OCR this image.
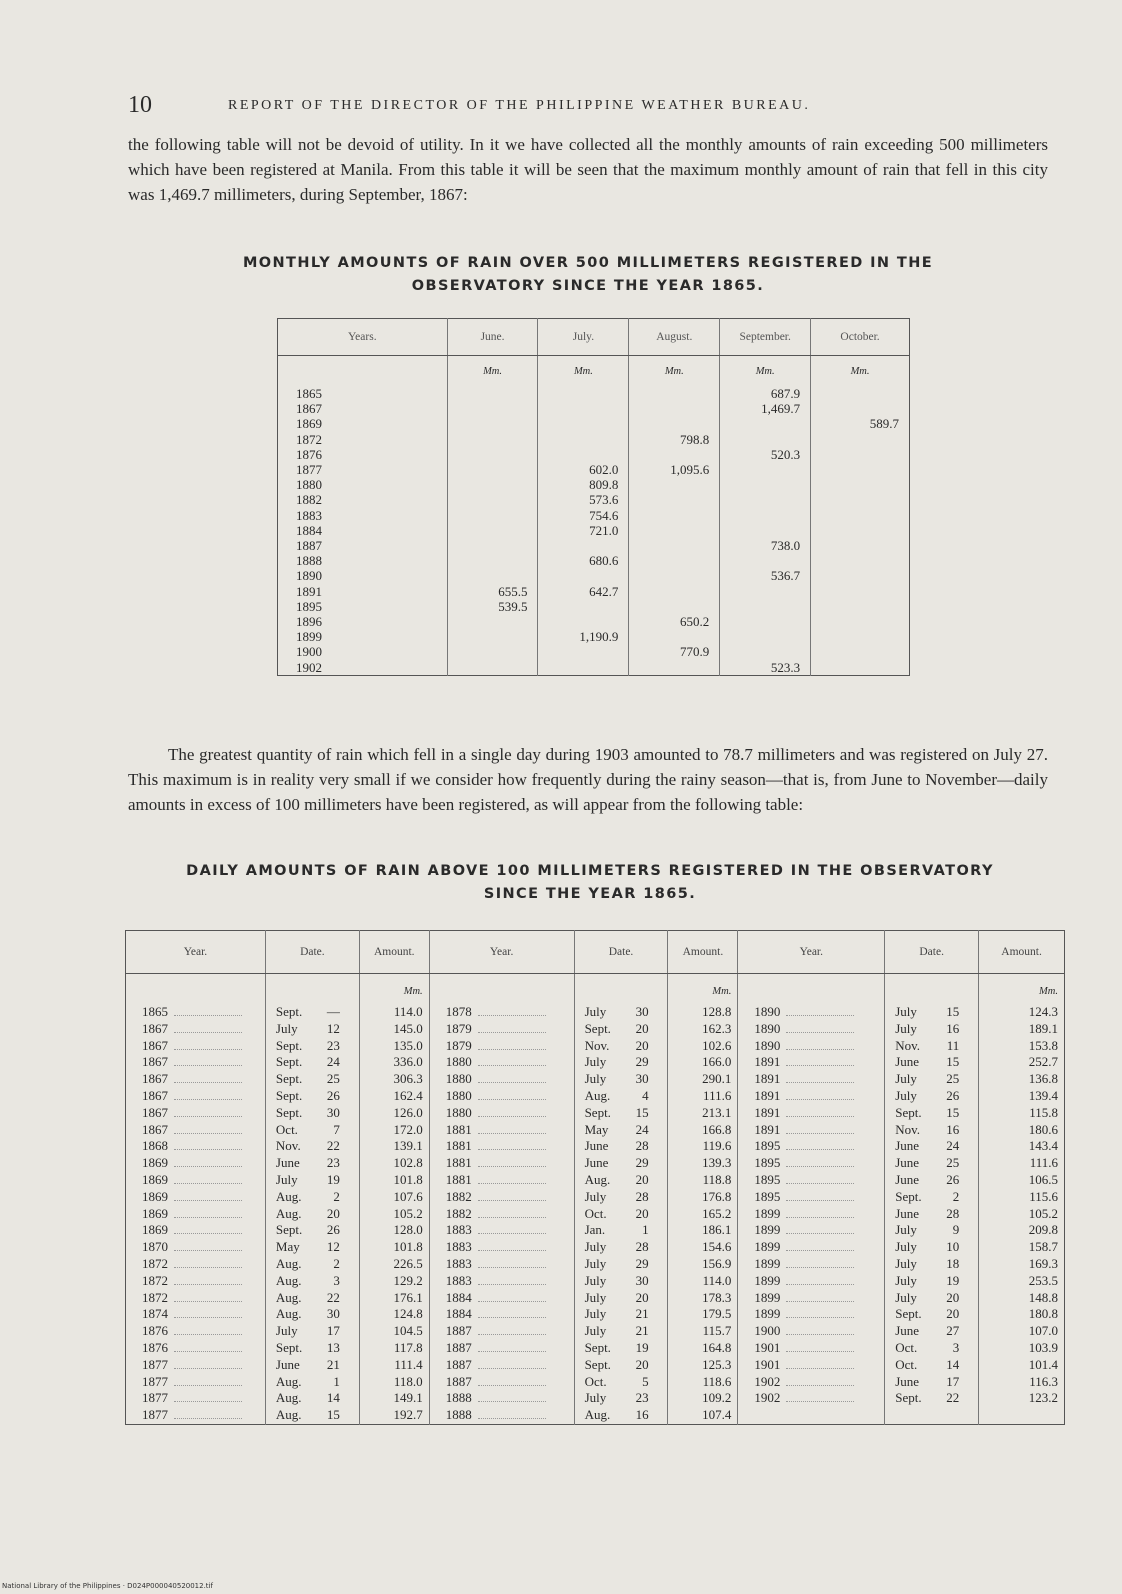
10	REPORT OF THE DIRECTOR OF THE PHILIPPINE WEATHER BUREAU.

the following table will not be devoid of utility. In it we have collected all the monthly amounts of rain exceeding 500 millimeters which have been registered at Manila. From this table it will be seen that the maximum monthly amount of rain that fell in this city was 1,469.7 millimeters, during September, 1867:

MONTHLY AMOUNTS OF RAIN OVER 500 MILLIMETERS REGISTERED IN THE
OBSERVATORY SINCE THE YEAR 1865.
Years.	June.	July.	August.	September.	October.
	Mm.	Mm.	Mm.	Mm.	Mm.
1865				687.9	
1867				1,469.7	
1869					589.7
1872			798.8		
1876				520.3	
1877		602.0	1,095.6		
1880		809.8			
1882		573.6			
1883		754.6			
1884		721.0			
1887				738.0	
1888		680.6			
1890				536.7	
1891	655.5	642.7			
1895	539.5				
1896			650.2		
1899		1,190.9			
1900			770.9		
1902				523.3	

The greatest quantity of rain which fell in a single day during 1903 amounted to 78.7 millimeters and was registered on July 27. This maximum is in reality very small if we consider how frequently during the rainy season—that is, from June to November—daily amounts in excess of 100 millimeters have been registered, as will appear from the following table:

DAILY AMOUNTS OF RAIN ABOVE 100 MILLIMETERS REGISTERED IN THE OBSERVATORY
SINCE THE YEAR 1865.
Year.	Date.	Amount.	Year.	Date.	Amount.	Year.	Date.	Amount.
		Mm.			Mm.			Mm.
1865	Sept. —	114.0	1878	July 30	128.8	1890	July 15	124.3
1867	July 12	145.0	1879	Sept. 20	162.3	1890	July 16	189.1
1867	Sept. 23	135.0	1879	Nov. 20	102.6	1890	Nov. 11	153.8
1867	Sept. 24	336.0	1880	July 29	166.0	1891	June 15	252.7
1867	Sept. 25	306.3	1880	July 30	290.1	1891	July 25	136.8
1867	Sept. 26	162.4	1880	Aug. 4	111.6	1891	July 26	139.4
1867	Sept. 30	126.0	1880	Sept. 15	213.1	1891	Sept. 15	115.8
1867	Oct. 7	172.0	1881	May 24	166.8	1891	Nov. 16	180.6
1868	Nov. 22	139.1	1881	June 28	119.6	1895	June 24	143.4
1869	June 23	102.8	1881	June 29	139.3	1895	June 25	111.6
1869	July 19	101.8	1881	Aug. 20	118.8	1895	June 26	106.5
1869	Aug. 2	107.6	1882	July 28	176.8	1895	Sept. 2	115.6
1869	Aug. 20	105.2	1882	Oct. 20	165.2	1899	June 28	105.2
1869	Sept. 26	128.0	1883	Jan. 1	186.1	1899	July 9	209.8
1870	May 12	101.8	1883	July 28	154.6	1899	July 10	158.7
1872	Aug. 2	226.5	1883	July 29	156.9	1899	July 18	169.3
1872	Aug. 3	129.2	1883	July 30	114.0	1899	July 19	253.5
1872	Aug. 22	176.1	1884	July 20	178.3	1899	July 20	148.8
1874	Aug. 30	124.8	1884	July 21	179.5	1899	Sept. 20	180.8
1876	July 17	104.5	1887	July 21	115.7	1900	June 27	107.0
1876	Sept. 13	117.8	1887	Sept. 19	164.8	1901	Oct. 3	103.9
1877	June 21	111.4	1887	Sept. 20	125.3	1901	Oct. 14	101.4
1877	Aug. 1	118.0	1887	Oct. 5	118.6	1902	June 17	116.3
1877	Aug. 14	149.1	1888	July 23	109.2	1902	Sept. 22	123.2
1877	Aug. 15	192.7	1888	Aug. 16	107.4			
National Library of the Philippines · D024P000040520012.tif
